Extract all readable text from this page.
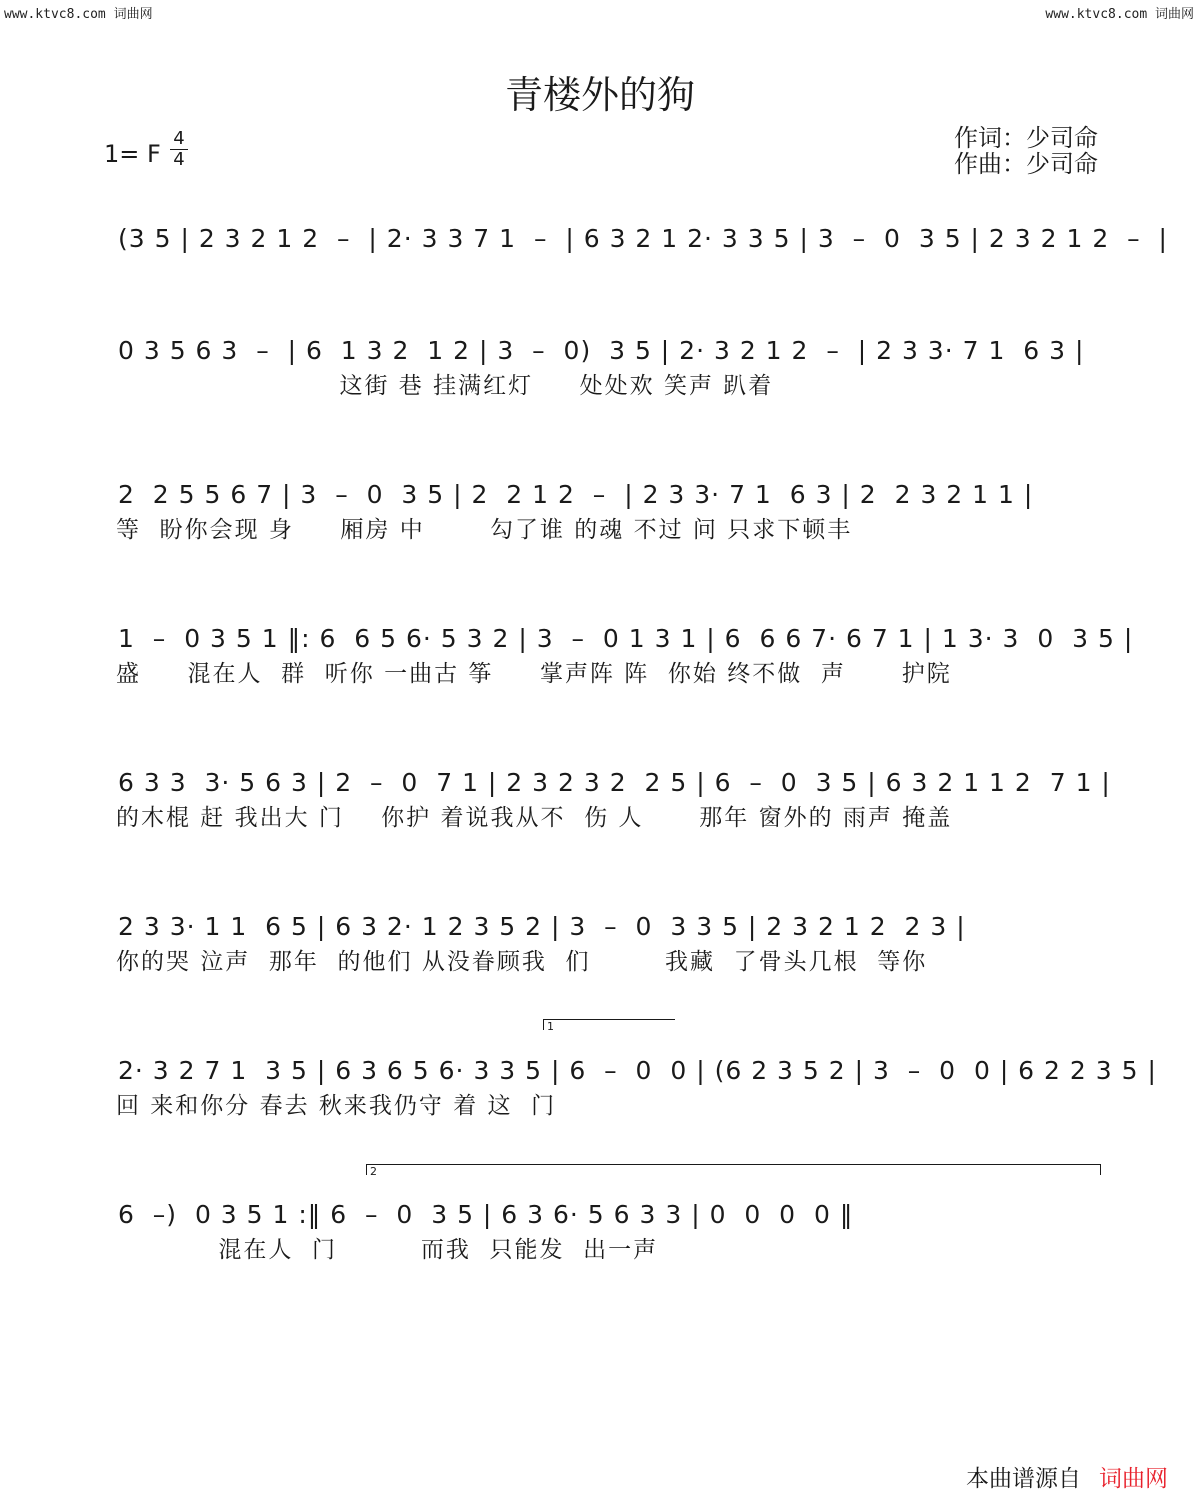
www.ktvc8.com 词曲网	www.ktvc8.com 词曲网
青楼外的狗
1= F
4
4
作词：少司命
作曲：少司命
(3 5 | 2 3 2 1 2  –  | 2· 3 3 7 1  –  | 6 3 2 1 2· 3 3 5 | 3  –  0  3 5 | 2 3 2 1 2  –  |
0 3 5 6 3  –  | 6  1 3 2  1 2 | 3  –  0)  3 5 | 2· 3 2 1 2  –  | 2 3 3· 7 1  6 3 |
这街 巷 挂满红灯     处处欢 笑声 趴着
2  2 5 5 6 7 | 3  –  0  3 5 | 2  2 1 2  –  | 2 3 3· 7 1  6 3 | 2  2 3 2 1 1 |
等  盼你会现 身     厢房 中       勾了谁 的魂 不过 问 只求下顿丰
1  –  0 3 5 1 ‖: 6  6 5 6· 5 3 2 | 3  –  0 1 3 1 | 6  6 6 7· 6 7 1 | 1 3· 3  0  3 5 |
盛     混在人  群  听你 一曲古 筝     掌声阵 阵  你始 终不做  声      护院
6 3 3  3· 5 6 3 | 2  –  0  7 1 | 2 3 2 3 2  2 5 | 6  –  0  3 5 | 6 3 2 1 1 2  7 1 |
的木棍 赶 我出大 门    你护 着说我从不  伤 人      那年 窗外的 雨声 掩盖
2 3 3· 1 1  6 5 | 6 3 2· 1 2 3 5 2 | 3  –  0  3 3 5 | 2 3 2 1 2  2 3 |
你的哭 泣声  那年  的他们 从没眷顾我  们        我藏  了骨头几根  等你
1
2· 3 2 7 1  3 5 | 6 3 6 5 6· 3 3 5 | 6  –  0  0 | (6 2 3 5 2 | 3  –  0  0 | 6 2 2 3 5 |
回 来和你分 春去 秋来我仍守 着 这  门
2
6  –)  0 3 5 1 :‖ 6  –  0  3 5 | 6 3 6· 5 6 3 3 | 0  0  0  0 ‖
混在人  门         而我  只能发  出一声
本曲谱源自 词曲网
